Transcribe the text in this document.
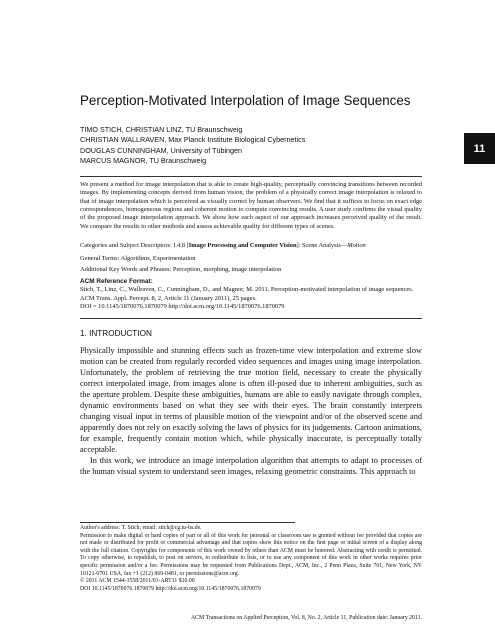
Perception-Motivated Interpolation of Image Sequences
TIMO STICH, CHRISTIAN LINZ, TU Braunschweig
CHRISTIAN WALLRAVEN, Max Planck Institute Biological Cybernetics
DOUGLAS CUNNINGHAM, University of Tübingen
MARCUS MAGNOR, TU Braunschweig
11

We present a method for image interpolation that is able to create high-quality, perceptually convincing transitions between recorded images. By implementing concepts derived from human vision, the problem of a physically correct image interpolation is relaxed to that of image interpolation which is perceived as visually correct by human observers. We find that it suffices to focus on exact edge correspondences, homogeneous regions and coherent motion to compute convincing results. A user study confirms the visual quality of the proposed image interpolation approach. We show how each aspect of our approach increases perceived quality of the result. We compare the results to other methods and assess achievable quality for different types of scenes.

Categories and Subject Descriptors: I.4.8 [Image Processing and Computer Vision]: Scene Analysis—Motion
General Terms: Algorithms, Experimentation
Additional Key Words and Phrases: Perception, morphing, image interpolation
ACM Reference Format:
Stich, T., Linz, C., Wallraven, C., Cunningham, D., and Magnor, M. 2011. Perception-motivated interpolation of image sequences.
ACM Trans. Appl. Percept. 8, 2, Article 11 (January 2011), 25 pages.
DOI = 10.1145/1870076.1870079 http://doi.acm.org/10.1145/1870076.1870079
1. INTRODUCTION

Physically impossible and stunning effects such as frozen-time view interpolation and extreme slow motion can be created from regularly recorded video sequences and images using image interpolation. Unfortunately, the problem of retrieving the true motion field, necessary to create the physically correct interpolated image, from images alone is often ill-posed due to inherent ambiguities, such as the aperture problem. Despite these ambiguities, humans are able to easily navigate through complex, dynamic environments based on what they see with their eyes. The brain constantly interprets changing visual input in terms of plausible motion of the viewpoint and/or of the observed scene and apparently does not rely on exactly solving the laws of physics for its judgements. Cartoon animations, for example, frequently contain motion which, while physically inaccurate, is perceptually totally acceptable.

In this work, we introduce an image interpolation algorithm that attempts to adapt to processes of the human visual system to understand seen images, relaxing geometric constraints. This approach to

Author's address: T. Stich; email: stich@cg.tu-bs.de.

Permission to make digital or hard copies of part or all of this work for personal or classroom use is granted without fee provided that copies are not made or distributed for profit or commercial advantage and that copies show this notice on the first page or initial screen of a display along with the full citation. Copyrights for components of this work owned by others than ACM must be honored. Abstracting with credit is permitted. To copy otherwise, to republish, to post on servers, to redistribute to lists, or to use any component of this work in other works requires prior specific permission and/or a fee. Permissions may be requested from Publications Dept., ACM, Inc., 2 Penn Plaza, Suite 701, New York, NY 10121-0701 USA, fax +1 (212) 869-0481, or permissions@acm.org.

© 2011 ACM 1544-3558/2011/01-ART11 $10.00

DOI 10.1145/1870076.1870079 http://doi.acm.org/10.1145/1870076.1870079

ACM Transactions on Applied Perception, Vol. 8, No. 2, Article 11, Publication date: January 2011.
